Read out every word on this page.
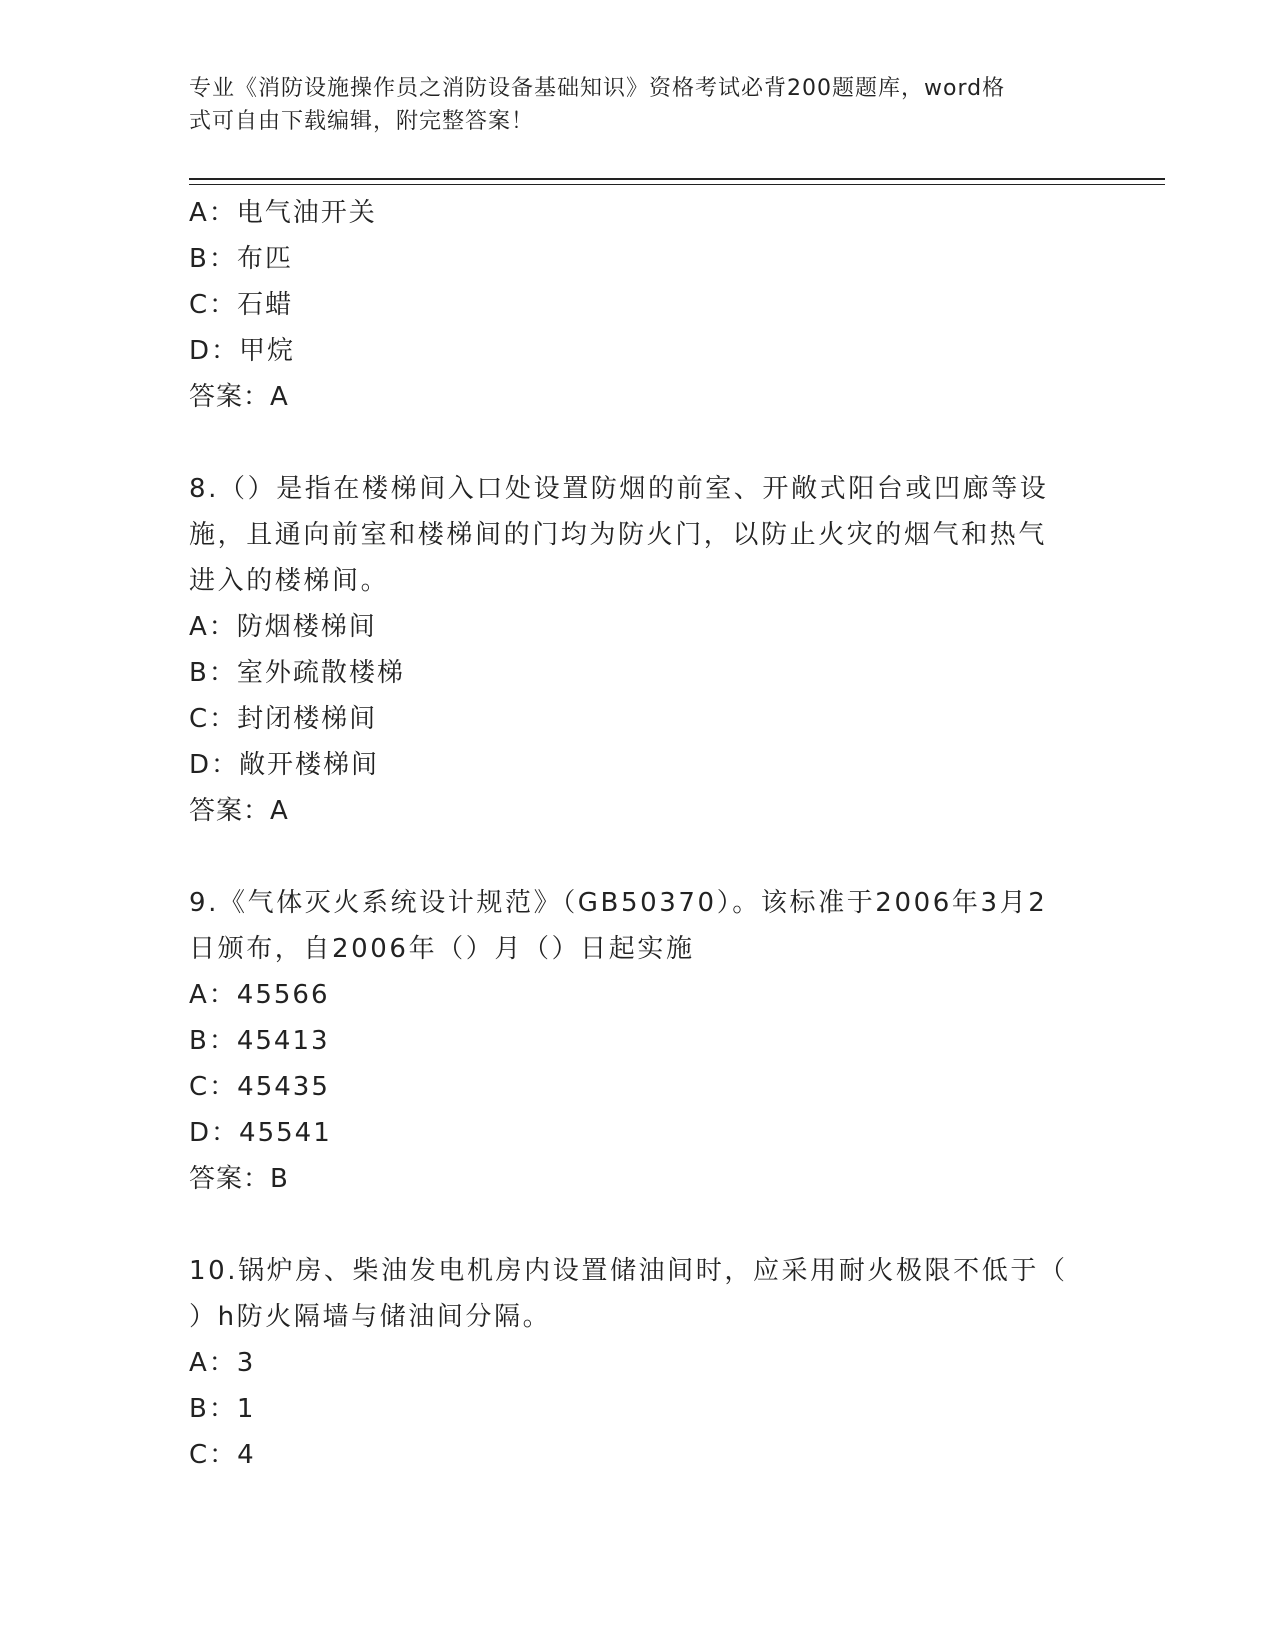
专业《消防设施操作员之消防设备基础知识》资格考试必背200题题库，word格
式可自由下载编辑，附完整答案！
A：电气油开关
B：布匹
C：石蜡
D：甲烷
答案：A
8.（）是指在楼梯间入口处设置防烟的前室、开敞式阳台或凹廊等设
施，且通向前室和楼梯间的门均为防火门，以防止火灾的烟气和热气
进入的楼梯间。
A：防烟楼梯间
B：室外疏散楼梯
C：封闭楼梯间
D：敞开楼梯间
答案：A
9.《气体灭火系统设计规范》（GB50370）。该标准于2006年3月2
日颁布，自2006年（）月（）日起实施
A：45566
B：45413
C：45435
D：45541
答案：B
10.锅炉房、柴油发电机房内设置储油间时，应采用耐火极限不低于（
）h防火隔墙与储油间分隔。
A：3
B：1
C：4
